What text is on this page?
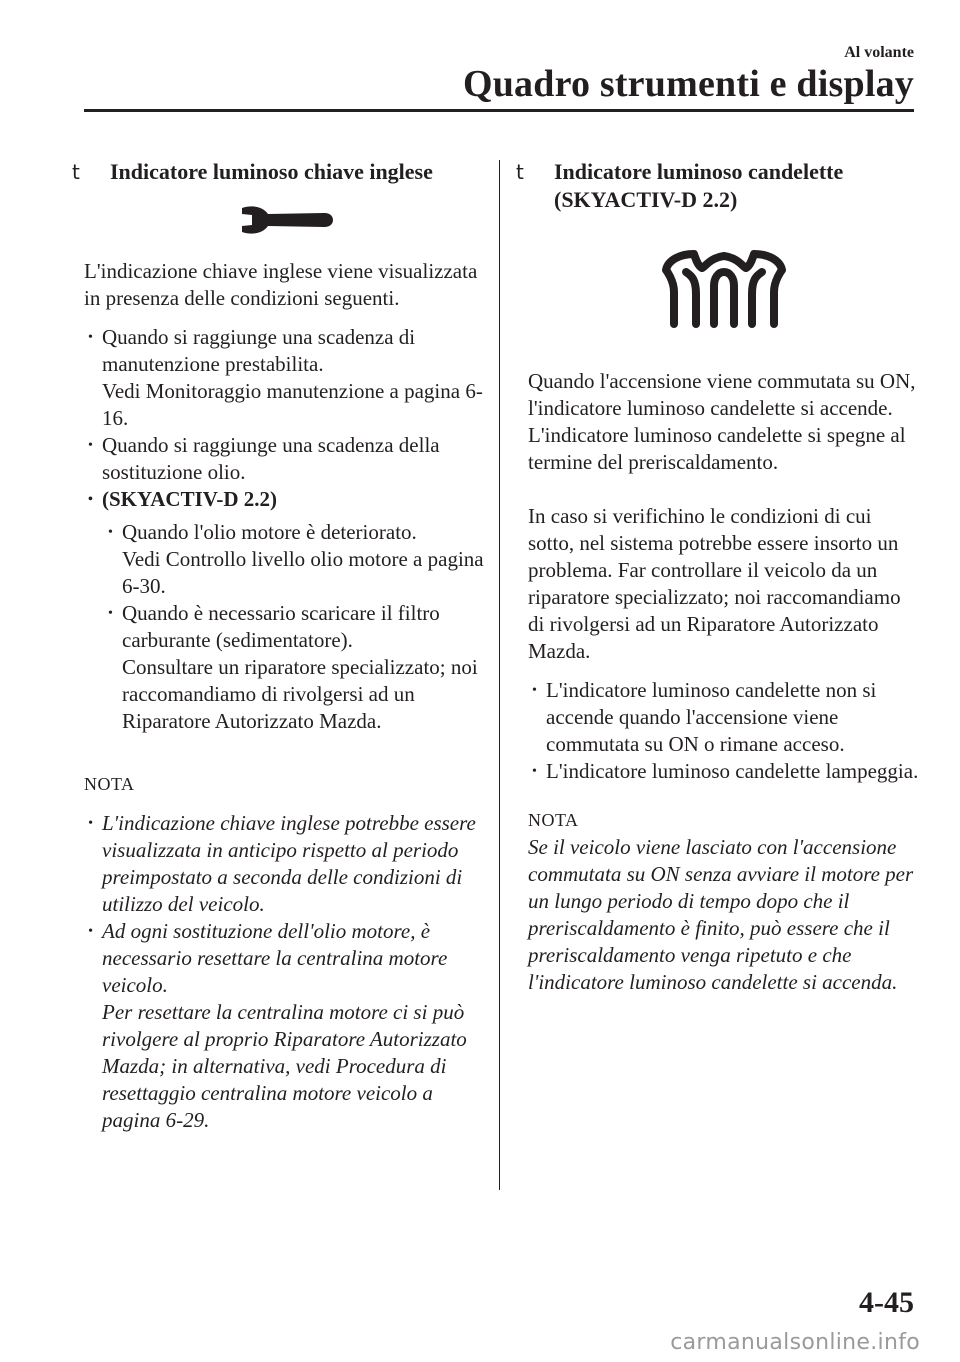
Al volante
Quadro strumenti e display
t Indicatore luminoso chiave inglese

L'indicazione chiave inglese viene visualizzata in presenza delle condizioni seguenti.

• Quando si raggiunge una scadenza di manutenzione prestabilita.

Vedi Monitoraggio manutenzione a pagina 6-16.

• Quando si raggiunge una scadenza della sostituzione olio.

• (SKYACTIV-D 2.2)

• Quando l'olio motore è deteriorato.

Vedi Controllo livello olio motore a pagina 6-30.

• Quando è necessario scaricare il filtro carburante (sedimentatore).

Consultare un riparatore specializzato; noi raccomandiamo di rivolgersi ad un Riparatore Autorizzato Mazda.

NOTA

• L'indicazione chiave inglese potrebbe essere visualizzata in anticipo rispetto al periodo preimpostato a seconda delle condizioni di utilizzo del veicolo.

• Ad ogni sostituzione dell'olio motore, è necessario resettare la centralina motore veicolo.

Per resettare la centralina motore ci si può rivolgere al proprio Riparatore Autorizzato Mazda; in alternativa, vedi Procedura di resettaggio centralina motore veicolo a pagina 6-29.

t Indicatore luminoso candelette (SKYACTIV-D 2.2)

Quando l'accensione viene commutata su ON, l'indicatore luminoso candelette si accende. L'indicatore luminoso candelette si spegne al termine del preriscaldamento.

In caso si verifichino le condizioni di cui sotto, nel sistema potrebbe essere insorto un problema. Far controllare il veicolo da un riparatore specializzato; noi raccomandiamo di rivolgersi ad un Riparatore Autorizzato Mazda.

• L'indicatore luminoso candelette non si accende quando l'accensione viene commutata su ON o rimane acceso.

• L'indicatore luminoso candelette lampeggia.

NOTA

Se il veicolo viene lasciato con l'accensione commutata su ON senza avviare il motore per un lungo periodo di tempo dopo che il preriscaldamento è finito, può essere che il preriscaldamento venga ripetuto e che l'indicatore luminoso candelette si accenda.

4-45
carmanualsonline.info
